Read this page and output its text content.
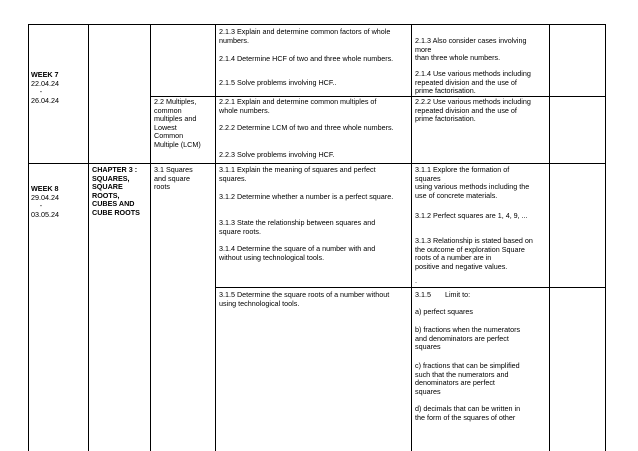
WEEK 7
22.04.24
-
26.04.24
WEEK 8
29.04.24
-
03.05.24
CHAPTER 3 :
SQUARES,
SQUARE
ROOTS,
CUBES AND
CUBE ROOTS
2.2 Multiples,
common
multiples and
Lowest
Common
Multiple (LCM)
3.1 Squares
and square
roots
2.1.3 Explain and determine common factors of whole
numbers.
2.1.4 Determine HCF of two and three whole numbers.
2.1.5 Solve problems involving HCF..
2.1.3 Also consider cases involving
more
than three whole numbers.
2.1.4 Use various methods including
repeated division and the use of
prime factorisation.
2.2.1 Explain and determine common multiples of
whole numbers.
2.2.2 Determine LCM of two and three whole numbers.
2.2.3 Solve problems involving HCF.
2.2.2 Use various methods including
repeated division and the use of
prime factorisation.
3.1.1 Explain the meaning of squares and perfect
squares.
3.1.2 Determine whether a number is a perfect square.
3.1.3 State the relationship between squares and
square roots.
3.1.4 Determine the square of a number with and
without using technological tools.
3.1.1 Explore the formation of
squares
using various methods including the
use of concrete materials.
3.1.2 Perfect squares are 1, 4, 9, ...
3.1.3 Relationship is stated based on
the outcome of exploration Square
roots of a number are in
positive and negative values.
.
3.1.5 Determine the square roots of a number without
using technological tools.
3.1.5       Limit to:
a) perfect squares
b) fractions when the numerators
and denominators are perfect
squares
c) fractions that can be simplified
such that the numerators and
denominators are perfect
squares
d) decimals that can be written in
the form of the squares of other
